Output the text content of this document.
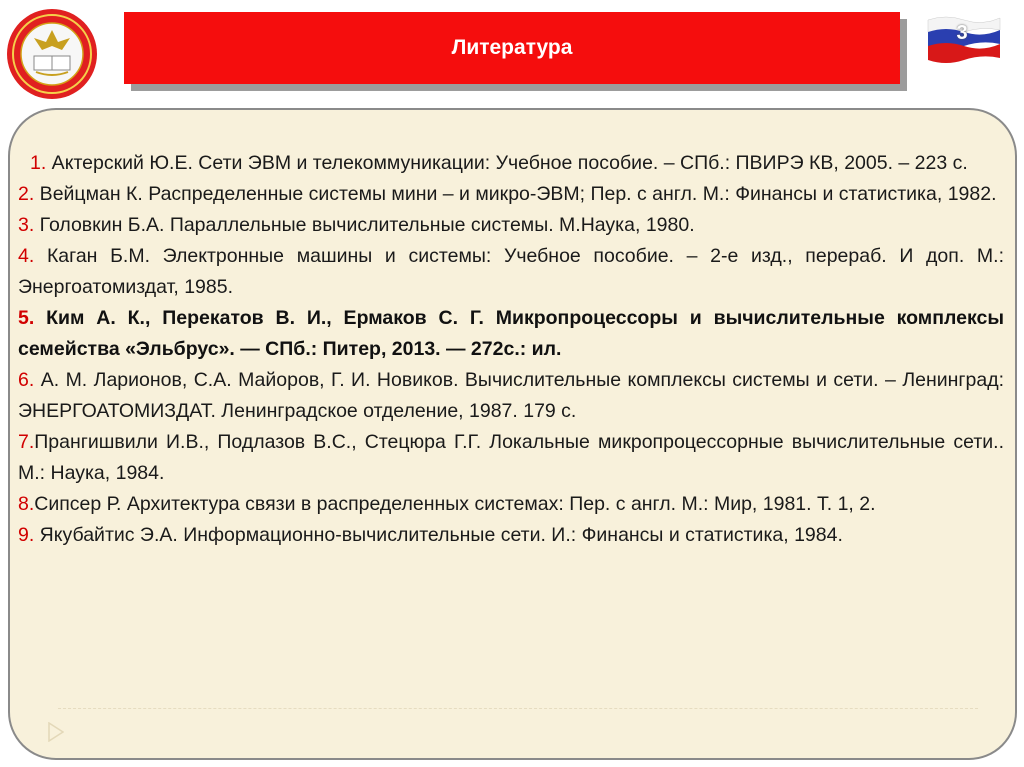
Литература
3

1. Актерский Ю.Е. Сети ЭВМ и телекоммуникации: Учебное пособие. – СПб.: ПВИРЭ КВ, 2005. – 223 с.

2. Вейцман К. Распределенные системы мини – и микро-ЭВМ; Пер. с англ. М.: Финансы и статистика, 1982.

3. Головкин Б.А. Параллельные вычислительные системы. М.Наука, 1980.

4. Каган Б.М. Электронные машины и системы: Учебное пособие. – 2-е изд., перераб. И доп. М.: Энергоатомиздат, 1985.

5. Ким А. К., Перекатов В. И., Ермаков С. Г. Микропроцессоры и вычислительные комплексы семейства «Эльбрус». — СПб.: Питер, 2013. — 272с.: ил.

6. А. М. Ларионов, С.А. Майоров, Г. И. Новиков. Вычислительные комплексы системы и сети. – Ленинград: ЭНЕРГОАТОМИЗДАТ. Ленинградское отделение, 1987. 179 с.

7.Прангишвили И.В., Подлазов В.С., Стецюра Г.Г. Локальные микропроцессорные вычислительные сети.. М.: Наука, 1984.

8.Сипсер Р. Архитектура связи в распределенных системах: Пер. с англ. М.: Мир, 1981. Т. 1, 2.

9. Якубайтис Э.А. Информационно-вычислительные сети. И.: Финансы и статистика, 1984.
